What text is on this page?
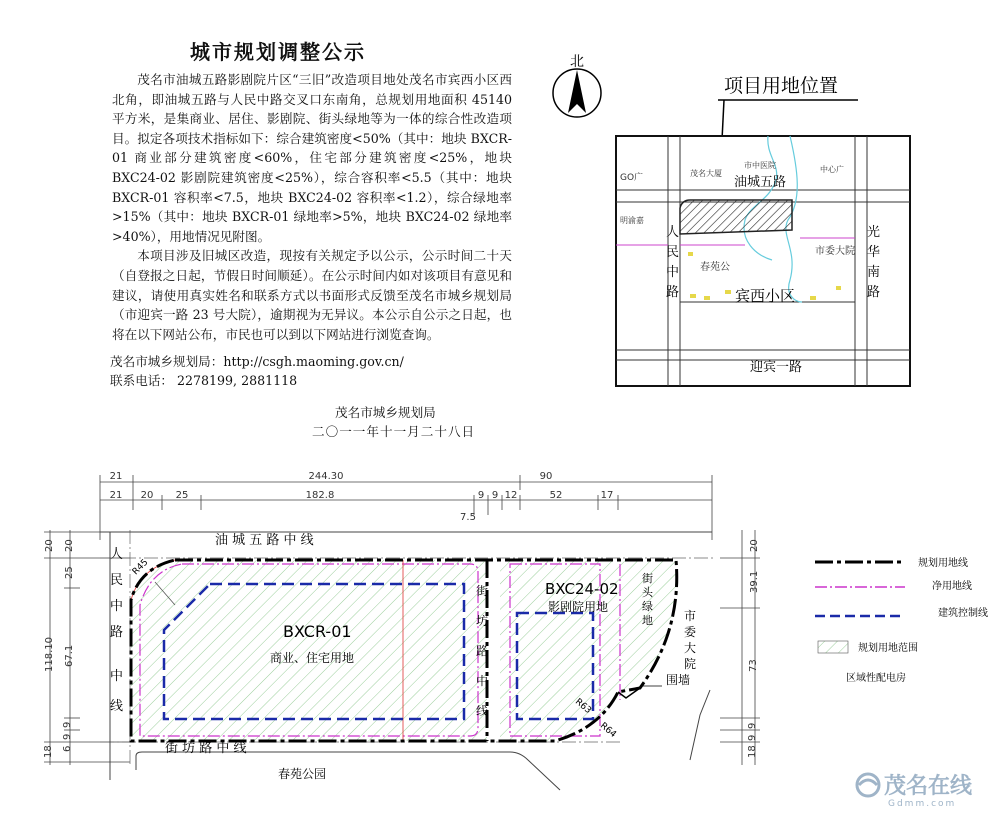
城市规划调整公示

茂名市油城五路影剧院片区“三旧”改造项目地处茂名市宾西小区西北角，即油城五路与人民中路交叉口东南角，总规划用地面积 45140 平方米，是集商业、居住、影剧院、街头绿地等为一体的综合性改造项目。拟定各项技术指标如下：综合建筑密度<50%（其中：地块 BXCR-01 商业部分建筑密度<60%，住宅部分建筑密度<25%，地块 BXC24-02 影剧院建筑密度<25%），综合容积率<5.5（其中：地块 BXCR-01 容积率<7.5，地块 BXC24-02 容积率<1.2），综合绿地率>15%（其中：地块 BXCR-01 绿地率>5%，地块 BXC24-02 绿地率>40%），用地情况见附图。

本项目涉及旧城区改造，现按有关规定予以公示，公示时间二十天（自登报之日起，节假日时间顺延）。在公示时间内如对该项目有意见和建议，请使用真实姓名和联系方式以书面形式反馈至茂名市城乡规划局（市迎宾一路 23 号大院），逾期视为无异议。本公示自公示之日起，也将在以下网站公布，市民也可以到以下网站进行浏览查询。

茂名市城乡规划局：http://csgh.maoming.gov.cn/
联系电话： 2278199, 2881118
茂名市城乡规划局
二〇一一年十一月二十八日
北
项目用地位置
油城五路
宾西小区
迎宾一路
春苑公
市委大院
GO广	茂名大厦
市中医院	中心广
明渝嘉
人
民
中
路
光
华
南
路
21	244.30	90
21 20 25	182.8	9 9 12	52	17
7.5
20
118.10
18
20
25
67.1
9
9
6
20
39.1
73
9
9
18
油 城 五 路 中 线
人
民
中
路
中
线
街
坊
路
中
线
街 坊 路 中 线
春苑公园
R45
R63
R64
BXCR-01
商业、住宅用地
BXC24-02
影剧院用地
街
头
绿
地	市
委
大
院
围墙
规划用地线
净用地线
建筑控制线
规划用地范围
区域性配电房
茂名在线
Gdmm.com
